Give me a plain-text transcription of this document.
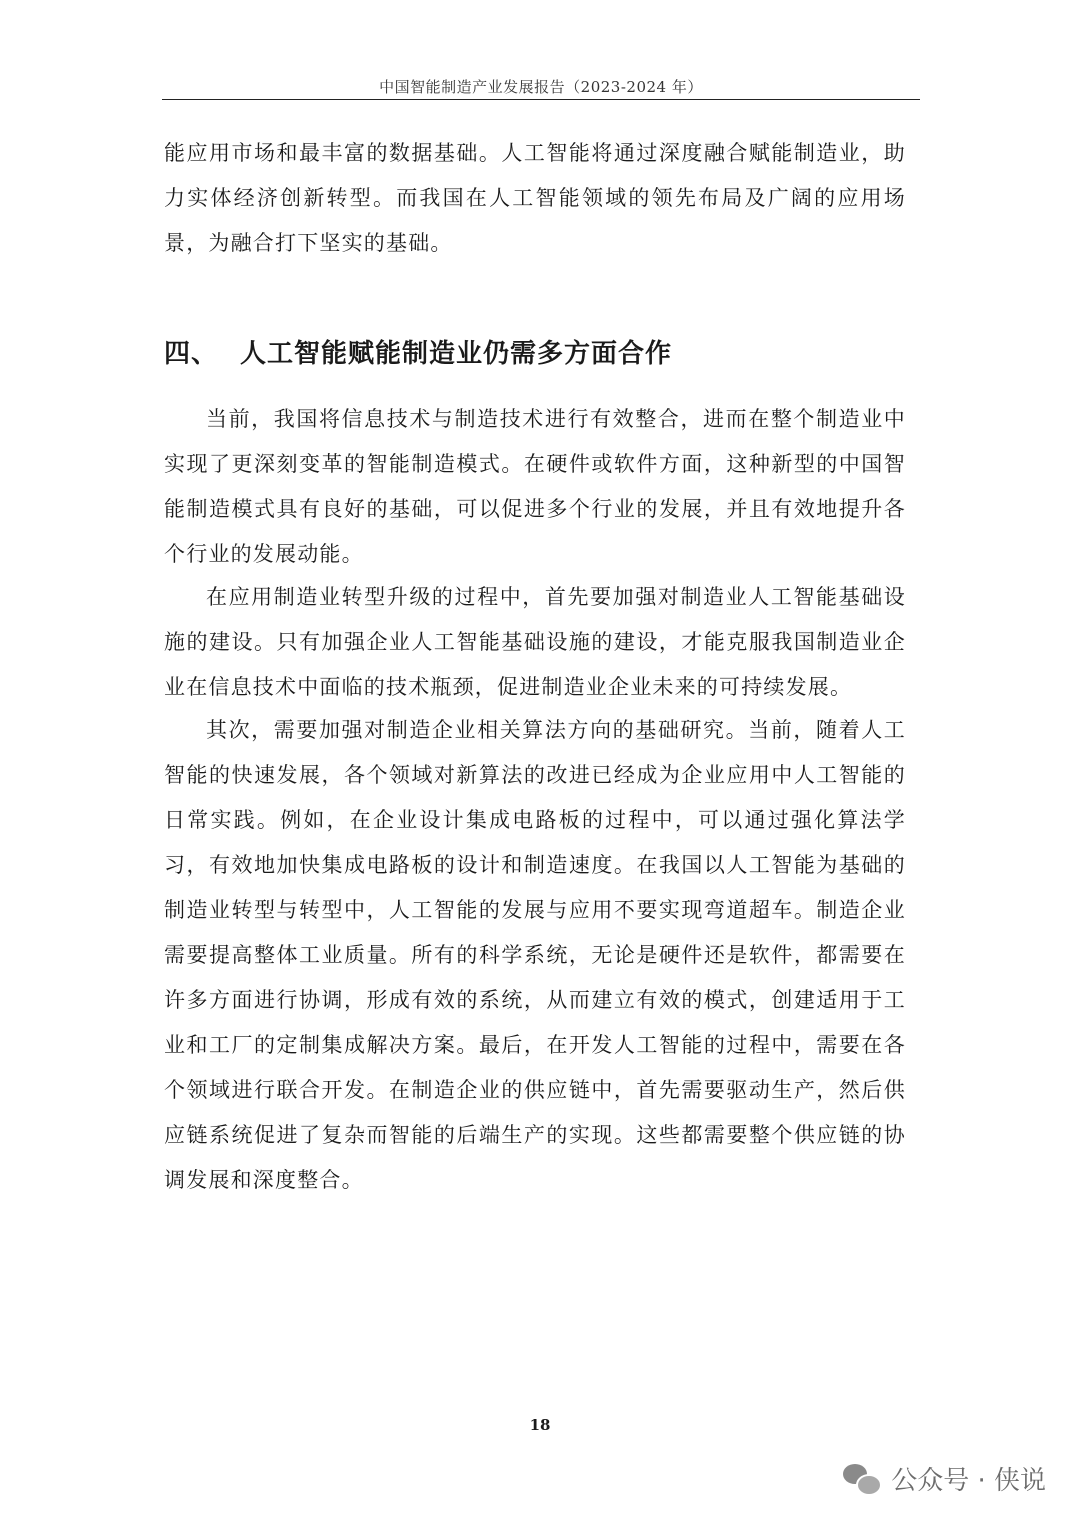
中国智能制造产业发展报告（2023-2024 年）

能应用市场和最丰富的数据基础。人工智能将通过深度融合赋能制造业，助力实体经济创新转型。而我国在人工智能领域的领先布局及广阔的应用场景，为融合打下坚实的基础。

四、 人工智能赋能制造业仍需多方面合作

当前，我国将信息技术与制造技术进行有效整合，进而在整个制造业中实现了更深刻变革的智能制造模式。在硬件或软件方面，这种新型的中国智能制造模式具有良好的基础，可以促进多个行业的发展，并且有效地提升各个行业的发展动能。

在应用制造业转型升级的过程中，首先要加强对制造业人工智能基础设施的建设。只有加强企业人工智能基础设施的建设，才能克服我国制造业企业在信息技术中面临的技术瓶颈，促进制造业企业未来的可持续发展。

其次，需要加强对制造企业相关算法方向的基础研究。当前，随着人工智能的快速发展，各个领域对新算法的改进已经成为企业应用中人工智能的日常实践。例如，在企业设计集成电路板的过程中，可以通过强化算法学习，有效地加快集成电路板的设计和制造速度。在我国以人工智能为基础的制造业转型与转型中，人工智能的发展与应用不要实现弯道超车。制造企业需要提高整体工业质量。所有的科学系统，无论是硬件还是软件，都需要在许多方面进行协调，形成有效的系统，从而建立有效的模式，创建适用于工业和工厂的定制集成解决方案。最后，在开发人工智能的过程中，需要在各个领域进行联合开发。在制造企业的供应链中，首先需要驱动生产，然后供应链系统促进了复杂而智能的后端生产的实现。这些都需要整个供应链的协调发展和深度整合。

18
公众号 · 侠说
